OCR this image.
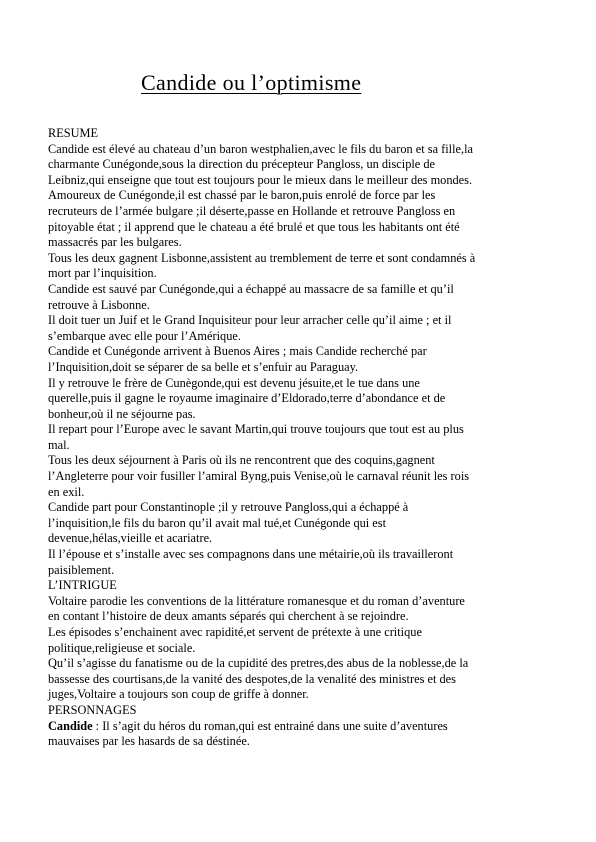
Candide ou l’optimisme
RESUME
Candide est élevé au chateau d’un baron westphalien,avec le fils du baron et sa fille,la
charmante Cunégonde,sous la direction du précepteur Pangloss, un disciple de
Leibniz,qui enseigne que tout est toujours pour le mieux dans le meilleur des mondes.
Amoureux de Cunégonde,il est chassé par le baron,puis enrolé de force par les
recruteurs de l’armée bulgare ;il déserte,passe en Hollande et retrouve Pangloss en
pitoyable état ; il apprend que le chateau a été brulé et que tous les habitants ont été
massacrés par les bulgares.
Tous les deux gagnent Lisbonne,assistent au tremblement de terre et sont condamnés à
mort par l’inquisition.
Candide est sauvé par Cunégonde,qui a échappé au massacre de sa famille et qu’il
retrouve à Lisbonne.
Il doit tuer un Juif et le Grand Inquisiteur pour leur arracher celle qu’il aime ; et il
s’embarque avec elle pour l’Amérique.
Candide et Cunégonde arrivent à Buenos Aires ; mais Candide recherché par
l’Inquisition,doit se séparer de sa belle et s’enfuir au Paraguay.
Il y retrouve le frère de Cunègonde,qui est devenu jésuite,et le tue dans une
querelle,puis il gagne le royaume imaginaire d’Eldorado,terre d’abondance et de
bonheur,où il ne séjourne pas.
Il repart pour l’Europe avec le savant Martin,qui trouve toujours que tout est au plus
mal.
Tous les deux séjournent à Paris où ils ne rencontrent que des coquins,gagnent
l’Angleterre pour voir fusiller l’amiral Byng,puis Venise,où le carnaval réunit les rois
en exil.
Candide part pour Constantinople ;il y retrouve Pangloss,qui a échappé à
l’inquisition,le fils du baron qu’il avait mal tué,et Cunégonde qui est
devenue,hélas,vieille et acariatre.
Il l’épouse et s’installe avec ses compagnons dans une métairie,où ils travailleront
paisiblement.
L’INTRIGUE
Voltaire parodie les conventions de la littérature romanesque et du roman d’aventure
en contant l’histoire de deux amants séparés qui cherchent à se rejoindre.
Les épisodes s’enchainent avec rapidité,et servent de prétexte à une critique
politique,religieuse et sociale.
Qu’il s’agisse du fanatisme ou de la cupidité des pretres,des abus de la noblesse,de la
bassesse des courtisans,de la vanité des despotes,de la venalité des ministres et des
juges,Voltaire a toujours son coup de griffe à donner.
PERSONNAGES
Candide : Il s’agit du héros du roman,qui est entrainé dans une suite d’aventures
mauvaises par les hasards de sa déstinée.
